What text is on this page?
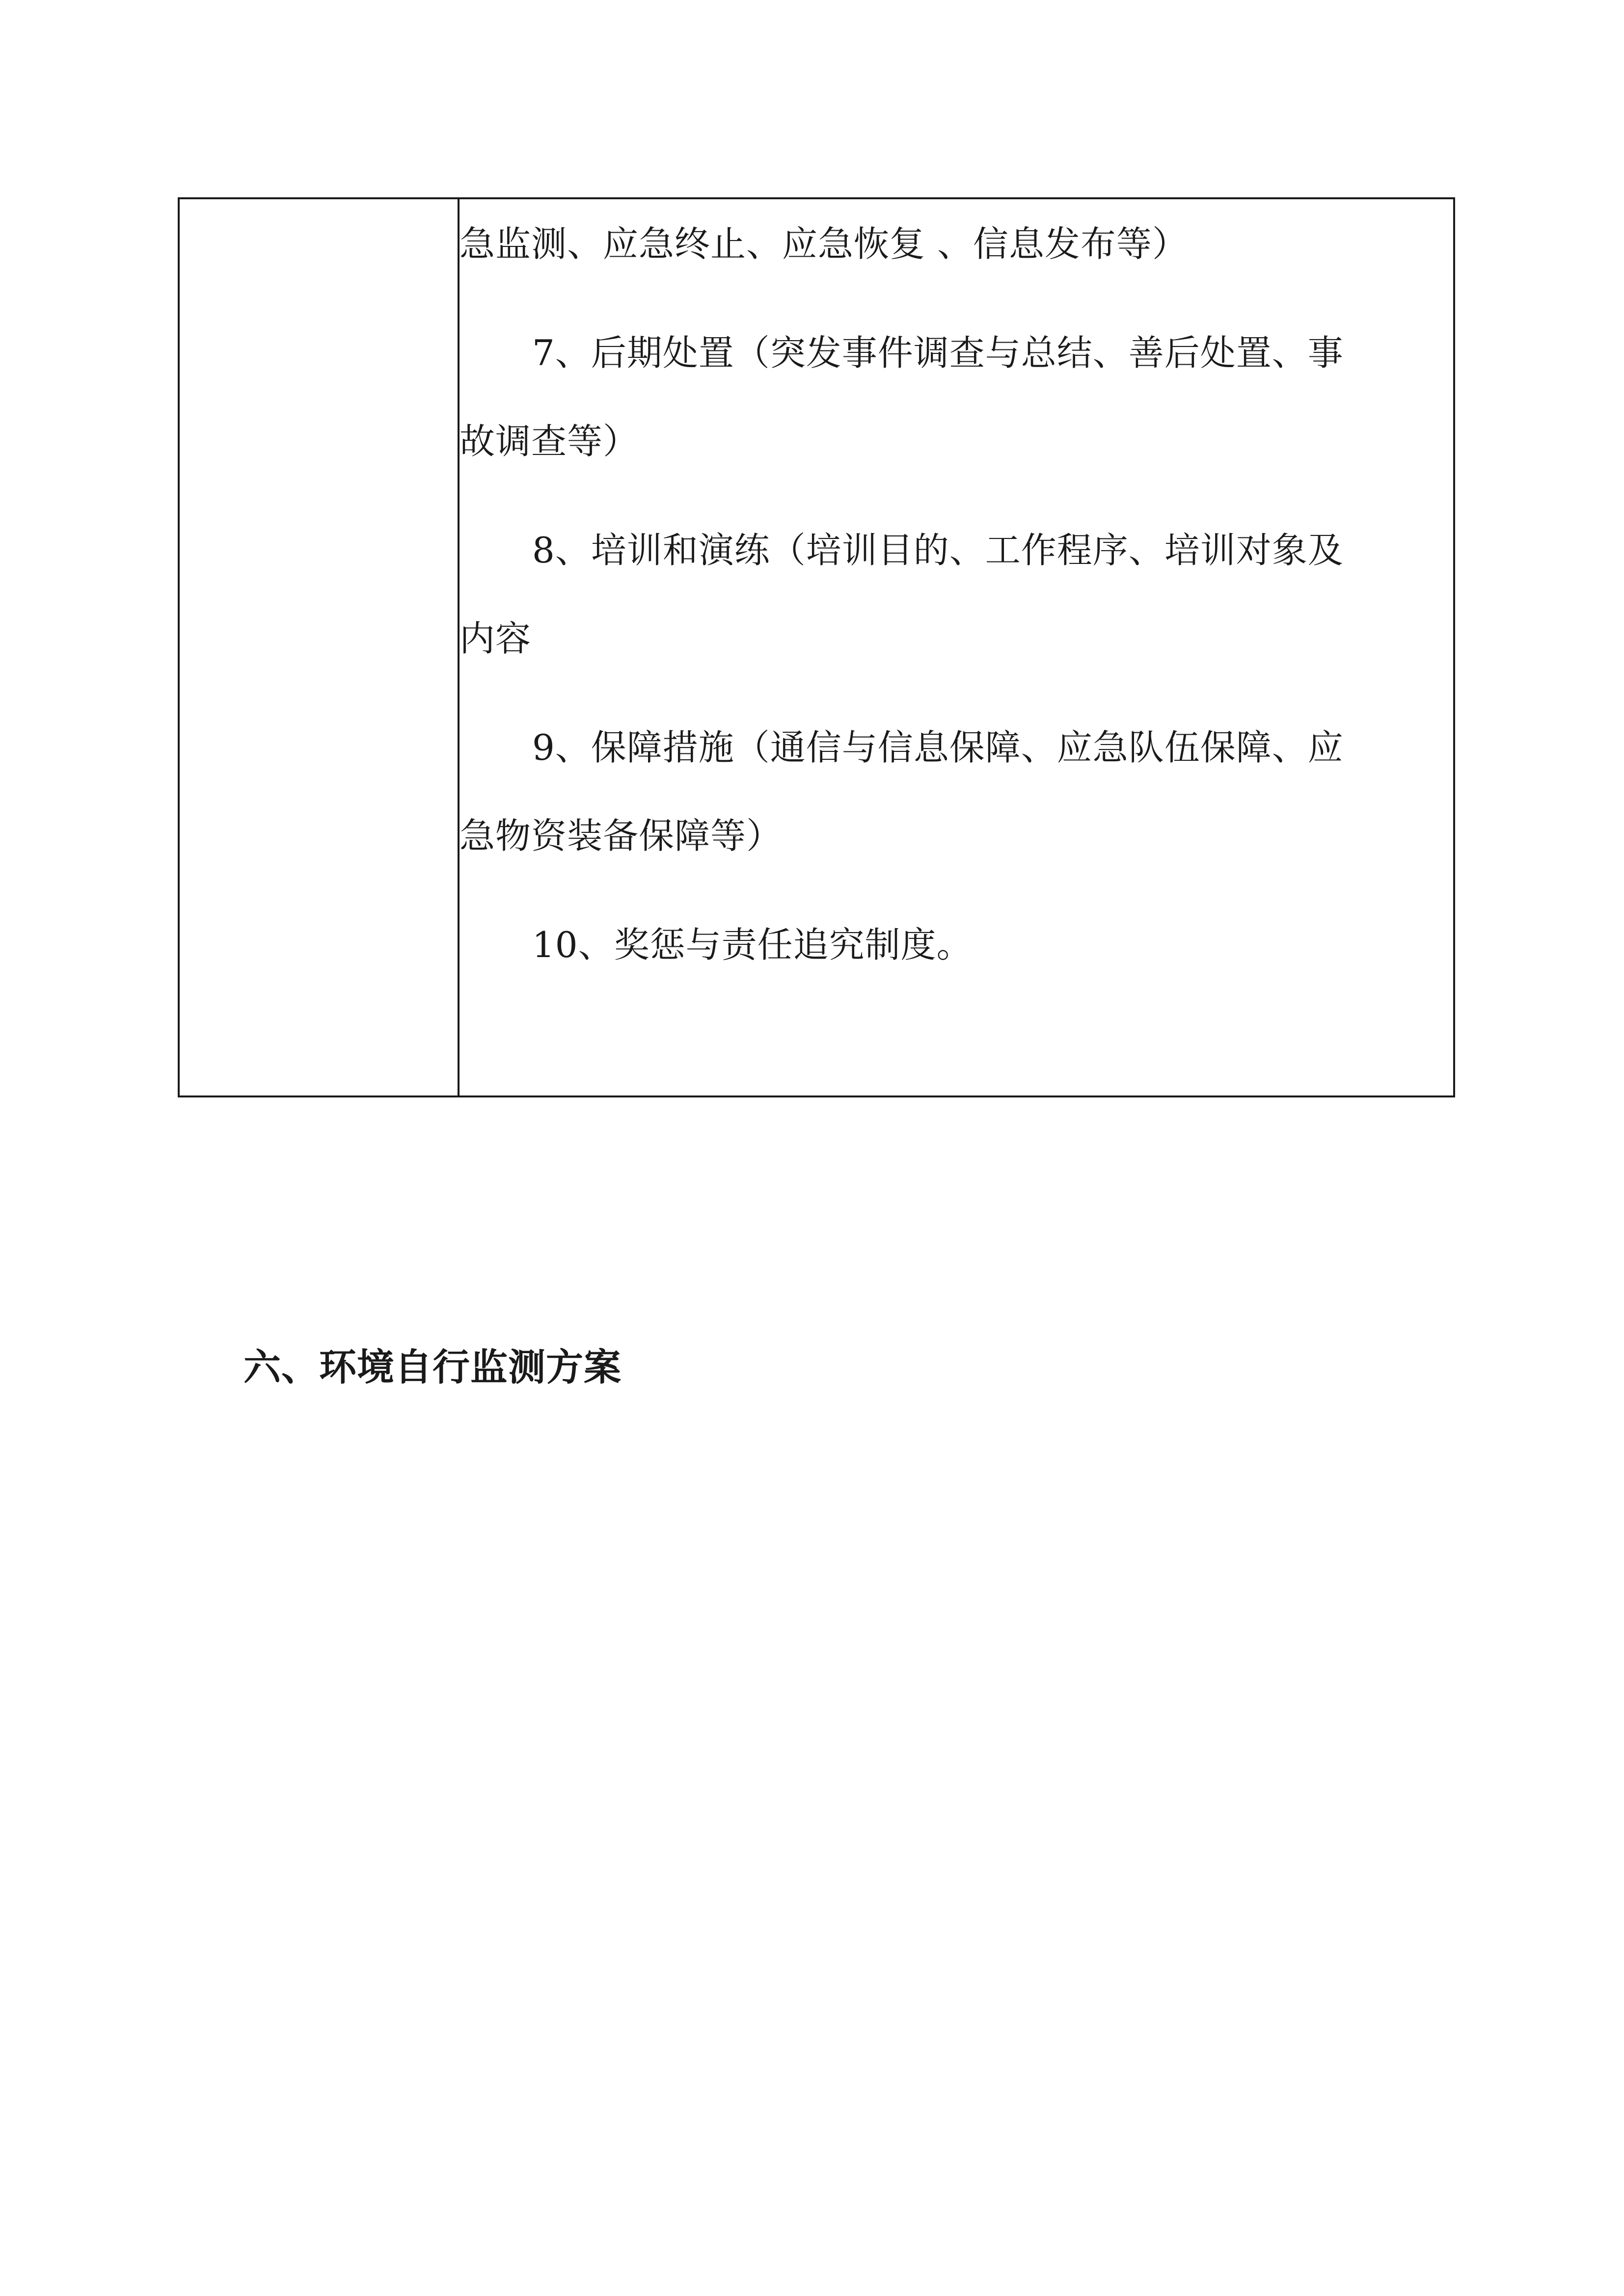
急监测、应急终止、应急恢复 、信息发布等）
7、后期处置（突发事件调查与总结、善后处置、事
故调查等）
8、培训和演练（培训目的、工作程序、培训对象及
内容
9、保障措施（通信与信息保障、应急队伍保障、应
急物资装备保障等）
10、奖惩与责任追究制度。
六、环境自行监测方案
